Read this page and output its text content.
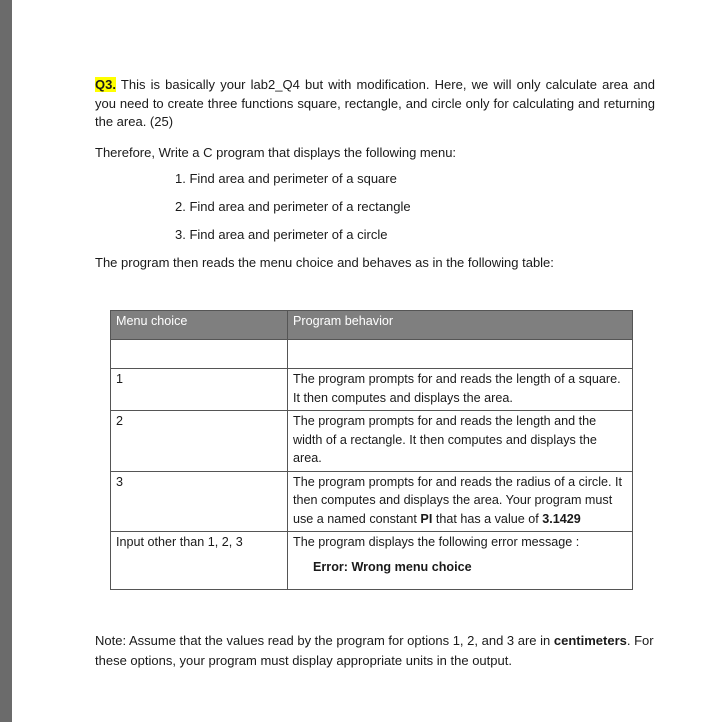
Q3. This is basically your lab2_Q4 but with modification. Here, we will only calculate area and you need to create three functions square, rectangle, and circle only for calculating and returning the area. (25)

Therefore, Write a C program that displays the following menu:

1. Find area and perimeter of a square
2. Find area and perimeter of a rectangle
3. Find area and perimeter of a circle

The program then reads the menu choice and behaves as in the following table:

Menu choice	Program behavior

1	The program prompts for and reads the length of a square. It then computes and displays the area.
2	The program prompts for and reads the length and the width of a rectangle. It then computes and displays the area.
3	The program prompts for and reads the radius of a circle. It then computes and displays the area. Your program must use a named constant PI that has a value of 3.1429
Input other than 1, 2, 3	The program displays the following error message :
Error: Wrong menu choice

Note: Assume that the values read by the program for options 1, 2, and 3 are in centimeters. For these options, your program must display appropriate units in the output.
